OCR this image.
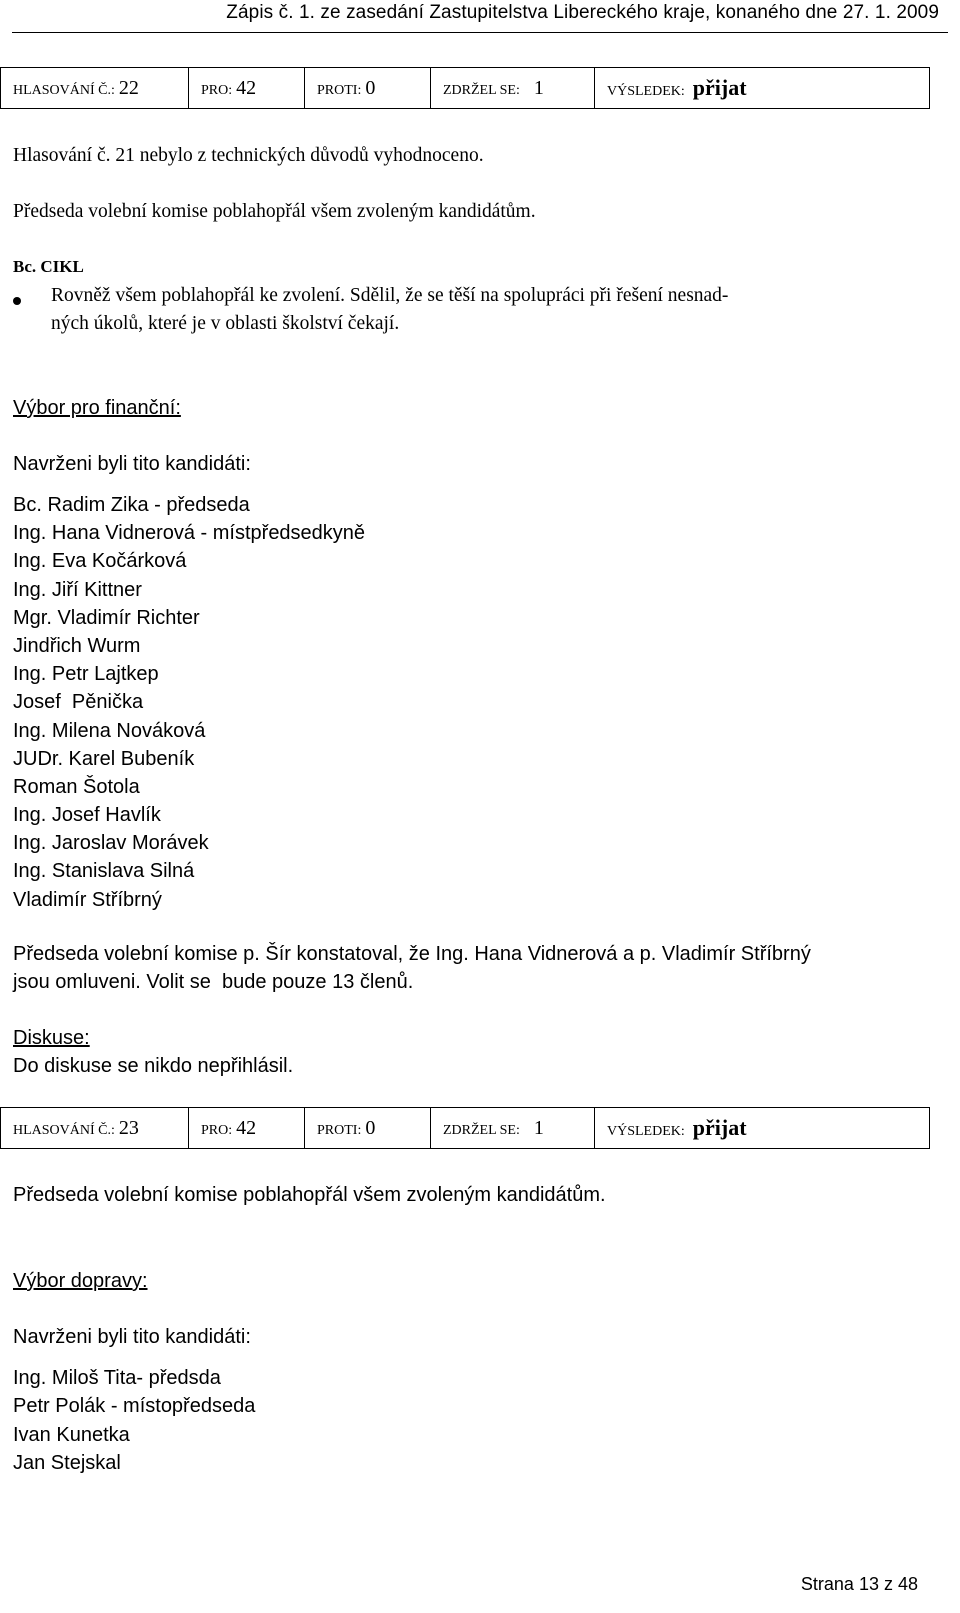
Zápis č. 1. ze zasedání Zastupitelstva Libereckého kraje, konaného dne 27. 1. 2009
HLASOVÁNÍ Č.: 22	PRO: 42	PROTI: 0	ZDRŽEL SE: 1	VÝSLEDEK: přijat
Hlasování č. 21 nebylo z technických důvodů vyhodnoceno.
Předseda volební komise poblahopřál všem zvoleným kandidátům.
Bc. CIKL
Rovněž všem poblahopřál ke zvolení. Sdělil, že se těší na spolupráci při řešení nesnad-
ných úkolů, které je v oblasti školství čekají.
Výbor pro finanční:
Navrženi byli tito kandidáti:
Bc. Radim Zika - předseda
Ing. Hana Vidnerová - místpředsedkyně
Ing. Eva Kočárková
Ing. Jiří Kittner
Mgr. Vladimír Richter
Jindřich Wurm
Ing. Petr Lajtkep
Josef  Pěnička
Ing. Milena Nováková
JUDr. Karel Bubeník
Roman Šotola
Ing. Josef Havlík
Ing. Jaroslav Morávek
Ing. Stanislava Silná
Vladimír Stříbrný
Předseda volební komise p. Šír konstatoval, že Ing. Hana Vidnerová a p. Vladimír Stříbrný
jsou omluveni. Volit se  bude pouze 13 členů.
Diskuse:
Do diskuse se nikdo nepřihlásil.
HLASOVÁNÍ Č.: 23	PRO: 42	PROTI: 0	ZDRŽEL SE: 1	VÝSLEDEK: přijat
Předseda volební komise poblahopřál všem zvoleným kandidátům.
Výbor dopravy:
Navrženi byli tito kandidáti:
Ing. Miloš Tita- předsda
Petr Polák - místopředseda
Ivan Kunetka
Jan Stejskal
Strana 13 z 48
